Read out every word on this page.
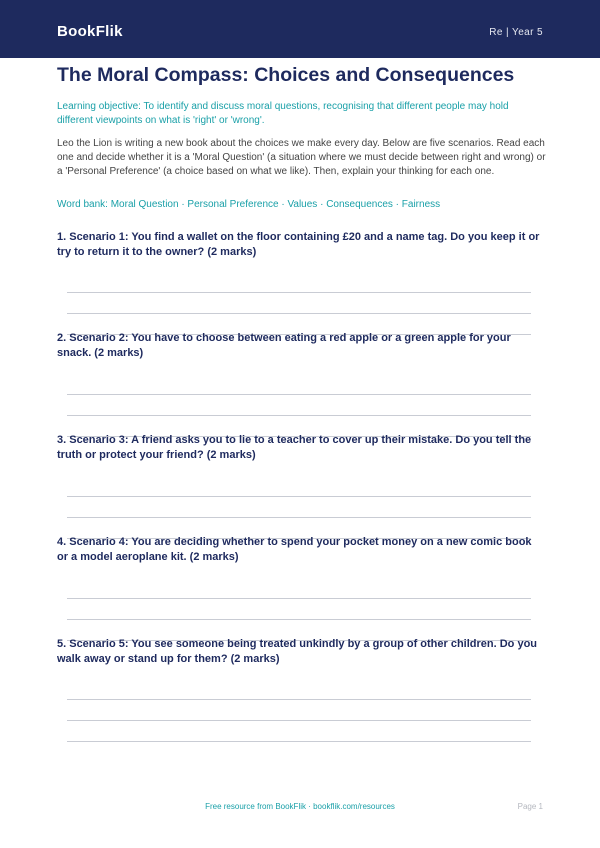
BookFlik	Re | Year 5
The Moral Compass: Choices and Consequences
Learning objective: To identify and discuss moral questions, recognising that different people may hold different viewpoints on what is 'right' or 'wrong'.
Leo the Lion is writing a new book about the choices we make every day. Below are five scenarios. Read each one and decide whether it is a 'Moral Question' (a situation where we must decide between right and wrong) or a 'Personal Preference' (a choice based on what we like). Then, explain your thinking for each one.
Word bank: Moral Question · Personal Preference · Values · Consequences · Fairness
1. Scenario 1: You find a wallet on the floor containing £20 and a name tag. Do you keep it or try to return it to the owner? (2 marks)
2. Scenario 2: You have to choose between eating a red apple or a green apple for your snack. (2 marks)
3. Scenario 3: A friend asks you to lie to a teacher to cover up their mistake. Do you tell the truth or protect your friend? (2 marks)
4. Scenario 4: You are deciding whether to spend your pocket money on a new comic book or a model aeroplane kit. (2 marks)
5. Scenario 5: You see someone being treated unkindly by a group of other children. Do you walk away or stand up for them? (2 marks)
Free resource from BookFlik · bookflik.com/resources	Page 1
